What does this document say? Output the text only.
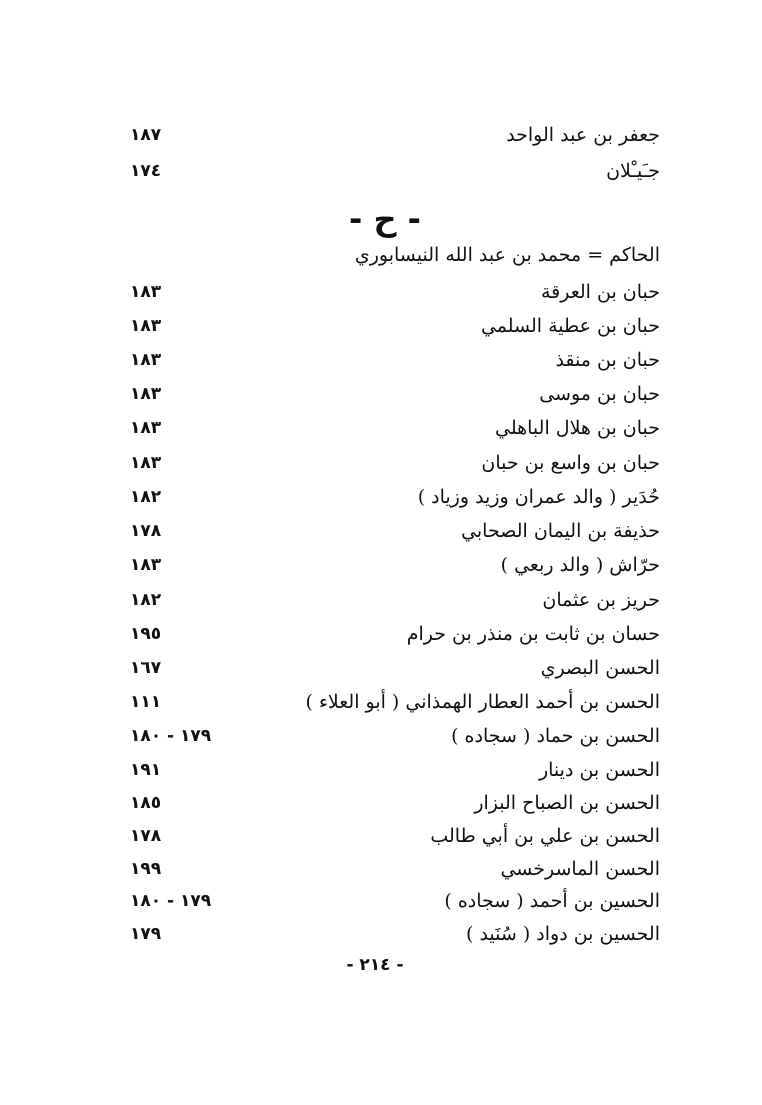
١٨٧	جعفر بن عبد الواحد
١٧٤	جـَيـْلان
- ح -
الحاكم = محمد بن عبد الله النيسابوري
١٨٣	حبان بن العرقة
١٨٣	حبان بن عطية السلمي
١٨٣	حبان بن منقذ
١٨٣	حبان بن موسى
١٨٣	حبان بن هلال الباهلي
١٨٣	حبان بن واسع بن حبان
١٨٢	حُدَير ( والد عمران وزيد وزياد )
١٧٨	حذيفة بن اليمان الصحابي
١٨٣	حرّاش ( والد ربعي )
١٨٢	حريز بن عثمان
١٩٥	حسان بن ثابت بن منذر بن حرام
١٦٧	الحسن البصري
١١١	الحسن بن أحمد العطار الهمذاني ( أبو العلاء )
١٧٩ - ١٨٠	الحسن بن حماد ( سجاده )
١٩١	الحسن بن دينار
١٨٥	الحسن بن الصباح البزار
١٧٨	الحسن بن علي بن أبي طالب
١٩٩	الحسن الماسرخسي
١٧٩ - ١٨٠	الحسين بن أحمد ( سجاده )
١٧٩	الحسين بن دواد ( سُنَيد )
- ٢١٤ -
